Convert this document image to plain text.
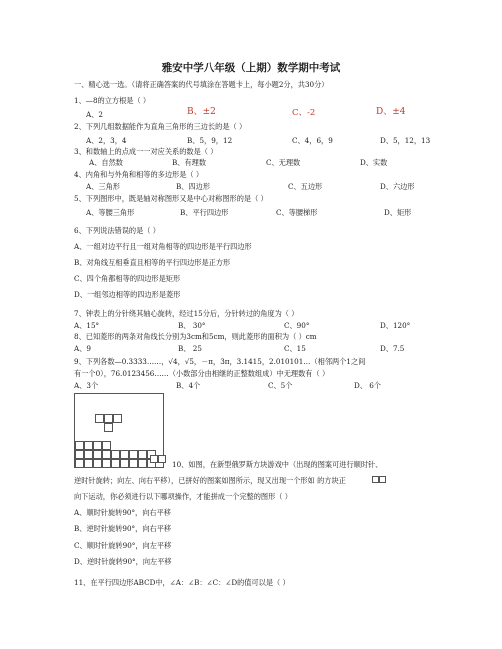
雅安中学八年级（上期）数学期中考试
一、精心选一选。（请将正确答案的代号填涂在答题卡上，每小题2分，共30分）
1、—8的立方根是（ ）
A、2	B、±2	C、-2	D、±4
2、下列几组数据能作为直角三角形的三边长的是（ ）
A、2，3，4	B、5，9，12	C、4，6，9	D、5，12，13
3、和数轴上的点成一一对应关系的数是（ ）
A、自然数	B、有理数	C、无理数	D、实数
4、内角和与外角和相等的多边形是（ ）
A、三角形	B、四边形	C、五边形	D、六边形
5、下列图形中，既是轴对称图形又是中心对称图形的是（ ）
A、等腰三角形	B、平行四边形	C、等腰梯形	D、矩形
6、下列说法错误的是（ ）
A、一组对边平行且一组对角相等的四边形是平行四边形
B、对角线互相垂直且相等的平行四边形是正方形
C、四个角都相等的四边形是矩形
D、一组邻边相等的四边形是菱形
7、钟表上的分针绕其轴心旋转，经过15分后，分针转过的角度为（ ）
A、15°	B、 30°	C、90°	D、120°
8、已知菱形的两条对角线长分别为3cm和5cm，则此菱形的面积为（ ）cm
A、9	B、 25	C、15	D、7.5
9、下列各数—0.3333……，√4，√5，－π，3π，3.1415，2.010101…（相邻两个1之间
有一个0），76.0123456……（小数部分由相继的正整数组成）中无理数有（ ）
A、3个	B、4个	C、5个	D、 6个
10、如图，在新型俄罗斯方块游戏中（出现的图案可进行顺时针、
逆时针旋转；向左、向右平移），已拼好的图案如图所示，现又出现一个形如 的方块正
向下运动，你必须进行以下哪项操作，才能拼成一个完整的图形（ ）
A、顺时针旋转90°，向右平移
B、逆时针旋转90°，向右平移
C、顺时针旋转90°，向左平移
D、逆时针旋转90°，向左平移
11、在平行四边形ABCD中，∠A：∠B：∠C：∠D的值可以是（ ）
